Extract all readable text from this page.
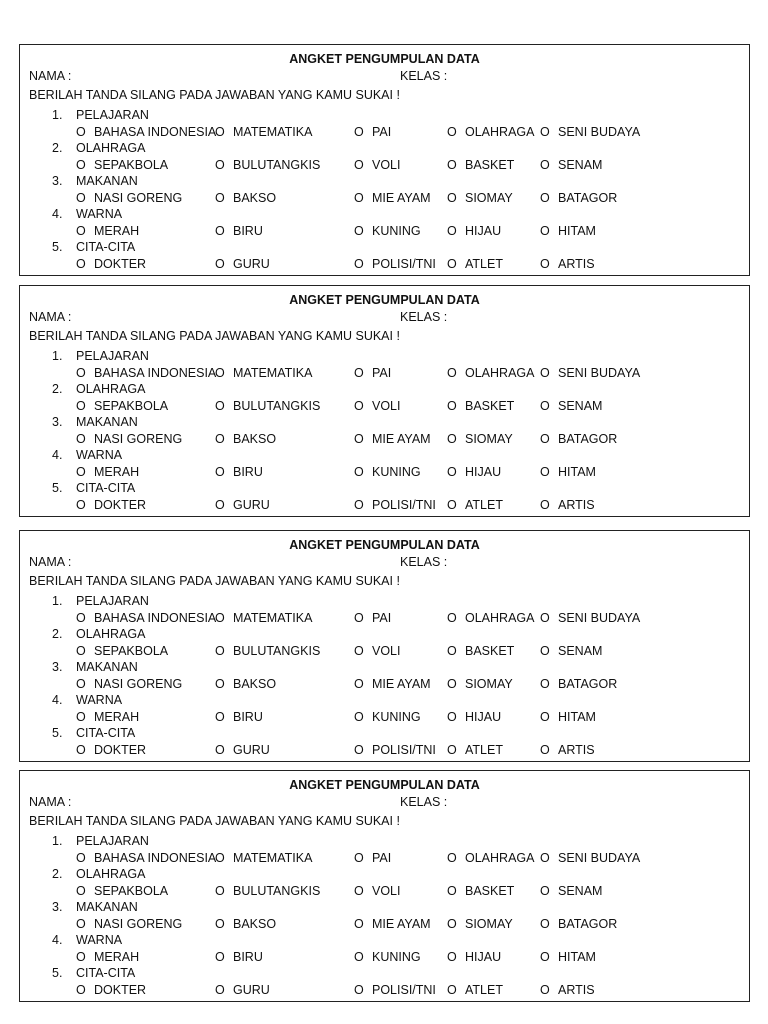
ANGKET PENGUMPULAN DATA
NAMA :	KELAS :
BERILAH TANDA SILANG PADA JAWABAN YANG KAMU SUKAI !
1. PELAJARAN
O BAHASA INDONESIA
O MATEMATIKA	O PAI	O OLAHRAGA O SENI BUDAYA
2. OLAHRAGA
O SEPAKBOLA	O BULUTANGKIS	O VOLI	O BASKET O SENAM
3. MAKANAN
O NASI GORENG	O BAKSO	O MIE AYAM O SIOMAY O BATAGOR
4. WARNA
O MERAH	O BIRU	O KUNING O HIJAU	O HITAM
5. CITA-CITA
O DOKTER	O GURU	O POLISI/TNI O ATLET	O ARTIS
ANGKET PENGUMPULAN DATA
NAMA :	KELAS :
BERILAH TANDA SILANG PADA JAWABAN YANG KAMU SUKAI !
1. PELAJARAN
O BAHASA INDONESIA
O MATEMATIKA	O PAI	O OLAHRAGA O SENI BUDAYA
2. OLAHRAGA
O SEPAKBOLA	O BULUTANGKIS	O VOLI	O BASKET O SENAM
3. MAKANAN
O NASI GORENG	O BAKSO	O MIE AYAM O SIOMAY O BATAGOR
4. WARNA
O MERAH	O BIRU	O KUNING O HIJAU	O HITAM
5. CITA-CITA
O DOKTER	O GURU	O POLISI/TNI O ATLET	O ARTIS
ANGKET PENGUMPULAN DATA
NAMA :	KELAS :
BERILAH TANDA SILANG PADA JAWABAN YANG KAMU SUKAI !
1. PELAJARAN
O BAHASA INDONESIA
O MATEMATIKA	O PAI	O OLAHRAGA O SENI BUDAYA
2. OLAHRAGA
O SEPAKBOLA	O BULUTANGKIS	O VOLI	O BASKET O SENAM
3. MAKANAN
O NASI GORENG	O BAKSO	O MIE AYAM O SIOMAY O BATAGOR
4. WARNA
O MERAH	O BIRU	O KUNING O HIJAU	O HITAM
5. CITA-CITA
O DOKTER	O GURU	O POLISI/TNI O ATLET	O ARTIS
ANGKET PENGUMPULAN DATA
NAMA :	KELAS :
BERILAH TANDA SILANG PADA JAWABAN YANG KAMU SUKAI !
1. PELAJARAN
O BAHASA INDONESIA
O MATEMATIKA	O PAI	O OLAHRAGA O SENI BUDAYA
2. OLAHRAGA
O SEPAKBOLA	O BULUTANGKIS	O VOLI	O BASKET O SENAM
3. MAKANAN
O NASI GORENG	O BAKSO	O MIE AYAM O SIOMAY O BATAGOR
4. WARNA
O MERAH	O BIRU	O KUNING O HIJAU	O HITAM
5. CITA-CITA
O DOKTER	O GURU	O POLISI/TNI O ATLET	O ARTIS
